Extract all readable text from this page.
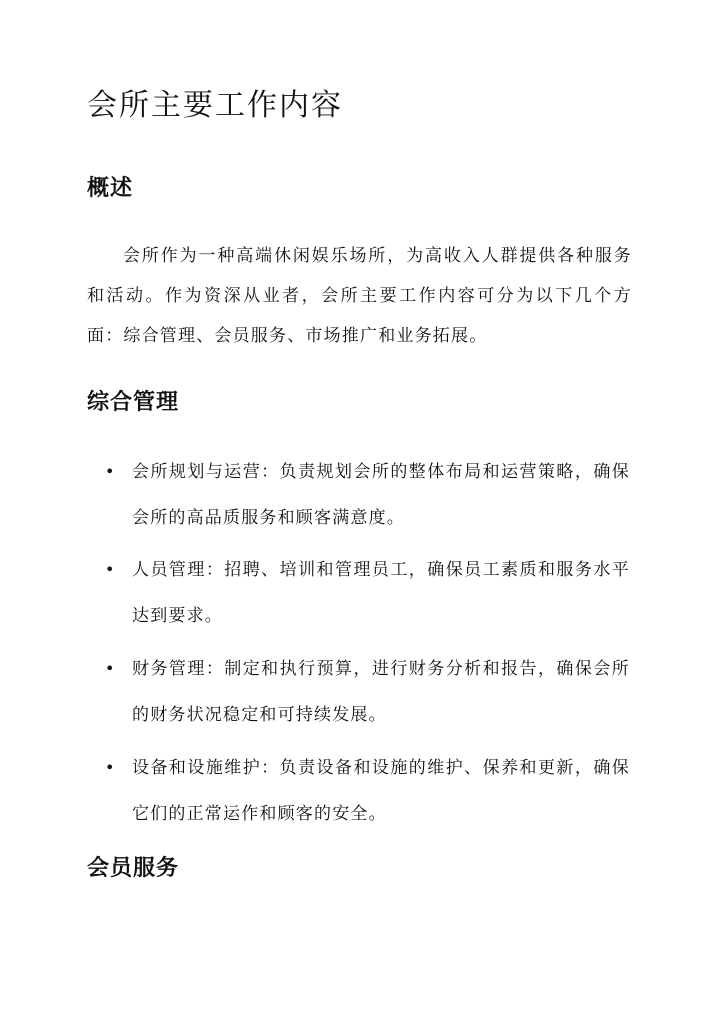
会所主要工作内容
概述

会所作为一种高端休闲娱乐场所，为高收入人群提供各种服务和活动。作为资深从业者，会所主要工作内容可分为以下几个方面：综合管理、会员服务、市场推广和业务拓展。

综合管理
• 会所规划与运营：负责规划会所的整体布局和运营策略，确保会所的高品质服务和顾客满意度。
• 人员管理：招聘、培训和管理员工，确保员工素质和服务水平达到要求。
• 财务管理：制定和执行预算，进行财务分析和报告，确保会所的财务状况稳定和可持续发展。
• 设备和设施维护：负责设备和设施的维护、保养和更新，确保它们的正常运作和顾客的安全。
会员服务
